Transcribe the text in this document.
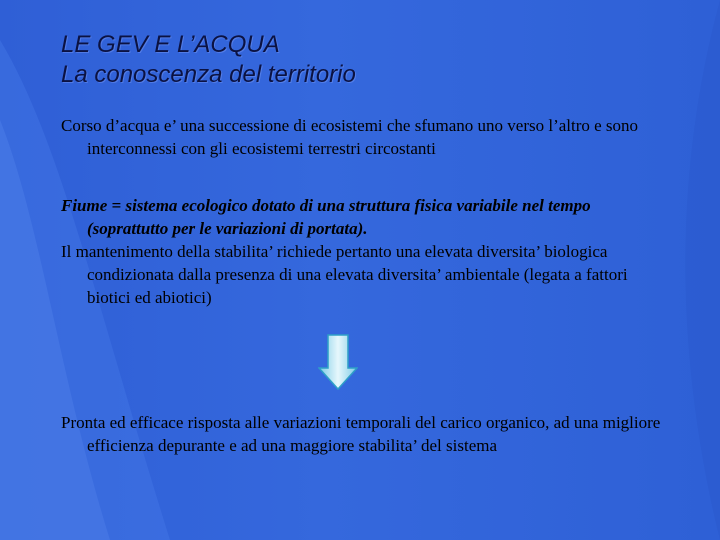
LE GEV E L’ACQUA
La conoscenza del territorio

Corso d’acqua e’ una successione di ecosistemi che sfumano uno verso l’altro e sono interconnessi con gli ecosistemi terrestri circostanti

Fiume = sistema ecologico dotato di una struttura fisica variabile nel tempo (soprattutto per le variazioni di portata).

Il mantenimento della stabilita’ richiede pertanto una elevata diversita’ biologica condizionata dalla presenza di una elevata diversita’ ambientale (legata a fattori biotici ed abiotici)

Pronta ed efficace risposta alle variazioni temporali del carico organico, ad una migliore efficienza depurante e ad una maggiore stabilita’ del sistema
